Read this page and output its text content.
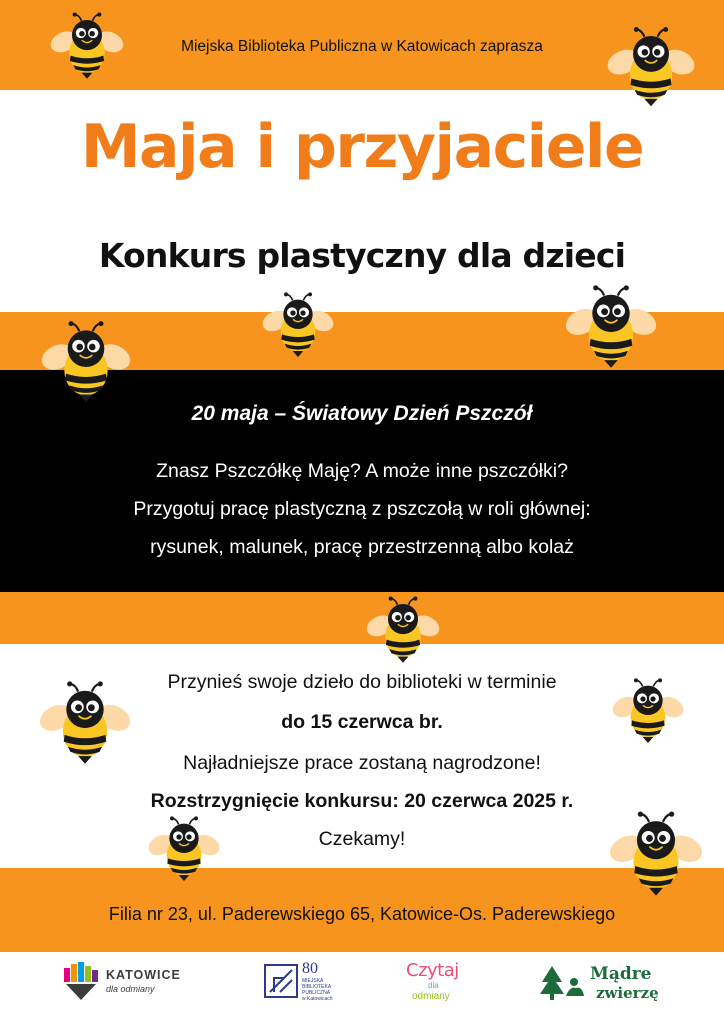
Miejska Biblioteka Publiczna w Katowicach zaprasza
Maja i przyjaciele
Konkurs plastyczny dla dzieci
20 maja – Światowy Dzień Pszczół
Znasz Pszczółkę Maję? A może inne pszczółki?
Przygotuj pracę plastyczną z pszczołą w roli głównej:
rysunek, malunek, pracę przestrzenną albo kolaż
Przynieś swoje dzieło do biblioteki w terminie
do 15 czerwca br.
Najładniejsze prace zostaną nagrodzone!
Rozstrzygnięcie konkursu: 20 czerwca 2025 r.
Czekamy!
Filia nr 23, ul. Paderewskiego 65, Katowice-Os. Paderewskiego
KATOWICE
dla odmiany
80
MIEJSKA
BIBLIOTEKA
PUBLICZNA
w Katowicach
Czytaj
dla
odmiany
Mądre
zwierzę
